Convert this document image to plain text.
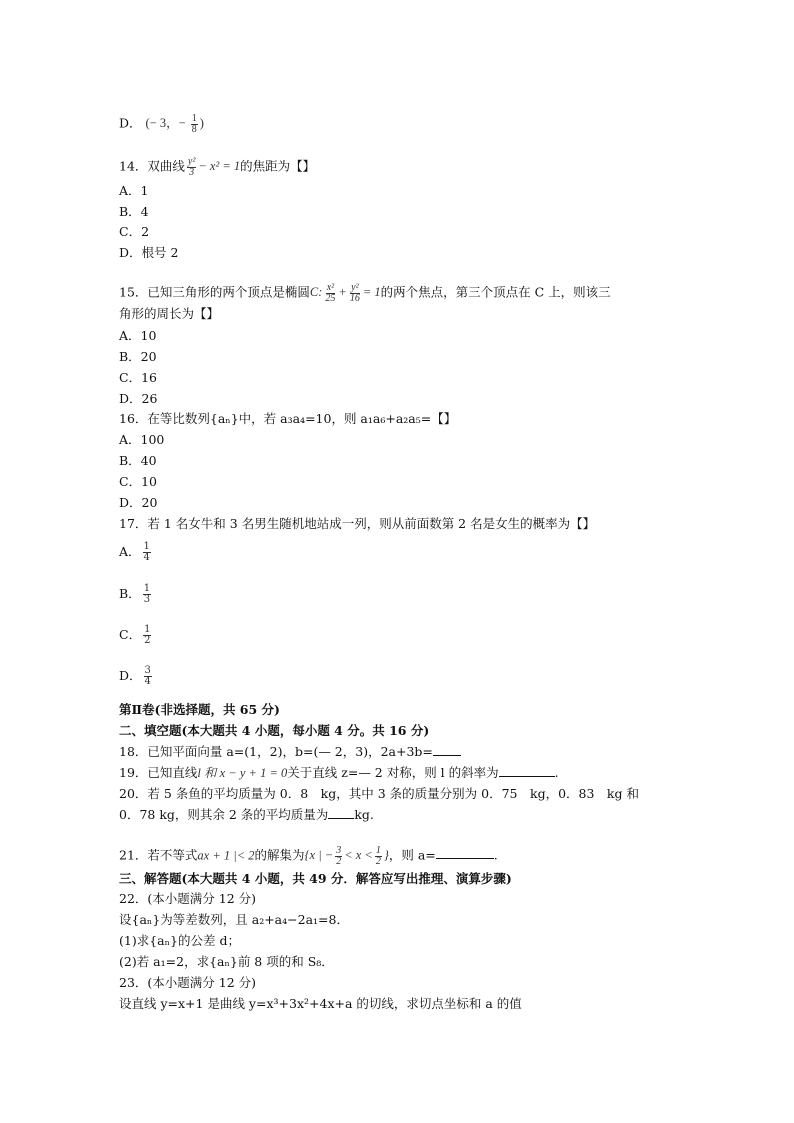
D． (− 3，− $\frac{1}{8}$ )
14．双曲线 $\frac{\text{y²}}{3} - x^2 = 1$的焦距为【】
A．1
B．4
C．2
D．根号 2
15．已知三角形的两个顶点是椭圆C: $\frac{\text{x²}}{25} + \frac{\text{y²}}{16} = 1$的两个焦点，第三个顶点在 C 上，则该三
角形的周长为【】
A．10
B．20
C．16
D．26
16．在等比数列{aₙ}中，若 a₃a₄=10，则 a₁a₆+a₂a₅=【】
A．100
B．40
C．10
D．20
17．若 1 名女牛和 3 名男生随机地站成一列，则从前面数第 2 名是女生的概率为【】
A． $\frac{1}{4}$
B． $\frac{1}{3}$
C． $\frac{1}{2}$
D． $\frac{3}{4}$
第Ⅱ卷(非选择题，共 65 分)
二、填空题(本大题共 4 小题，每小题 4 分。共 16 分)
18．已知平面向量 a=(1，2)，b=(— 2，3)，2a+3b=
19．已知直线l 和 x − y + 1 = 0关于直线 z=— 2 对称，则 l 的斜率为	.
20．若 5 条鱼的平均质量为 0．8　kg，其中 3 条的质量分别为 0．75　kg，0．83　kg 和
0．78 kg，则其余 2 条的平均质量为 kg.
21．若不等式ax + 1 |< 2的解集为{x | − $\frac{3}{2} < x < \frac{1}{2}$ }，则 a=	.
三、解答题(本大题共 4 小题，共 49 分．解答应写出推理、演算步骤)
22．(本小题满分 12 分)
设{aₙ}为等差数列，且 a₂+a₄−2a₁=8．
(1)求{aₙ}的公差 d；
(2)若 a₁=2，求{aₙ}前 8 项的和 S₈．
23．(本小题满分 12 分)
设直线 y=x+1 是曲线 y=x³+3x²+4x+a 的切线，求切点坐标和 a 的值
